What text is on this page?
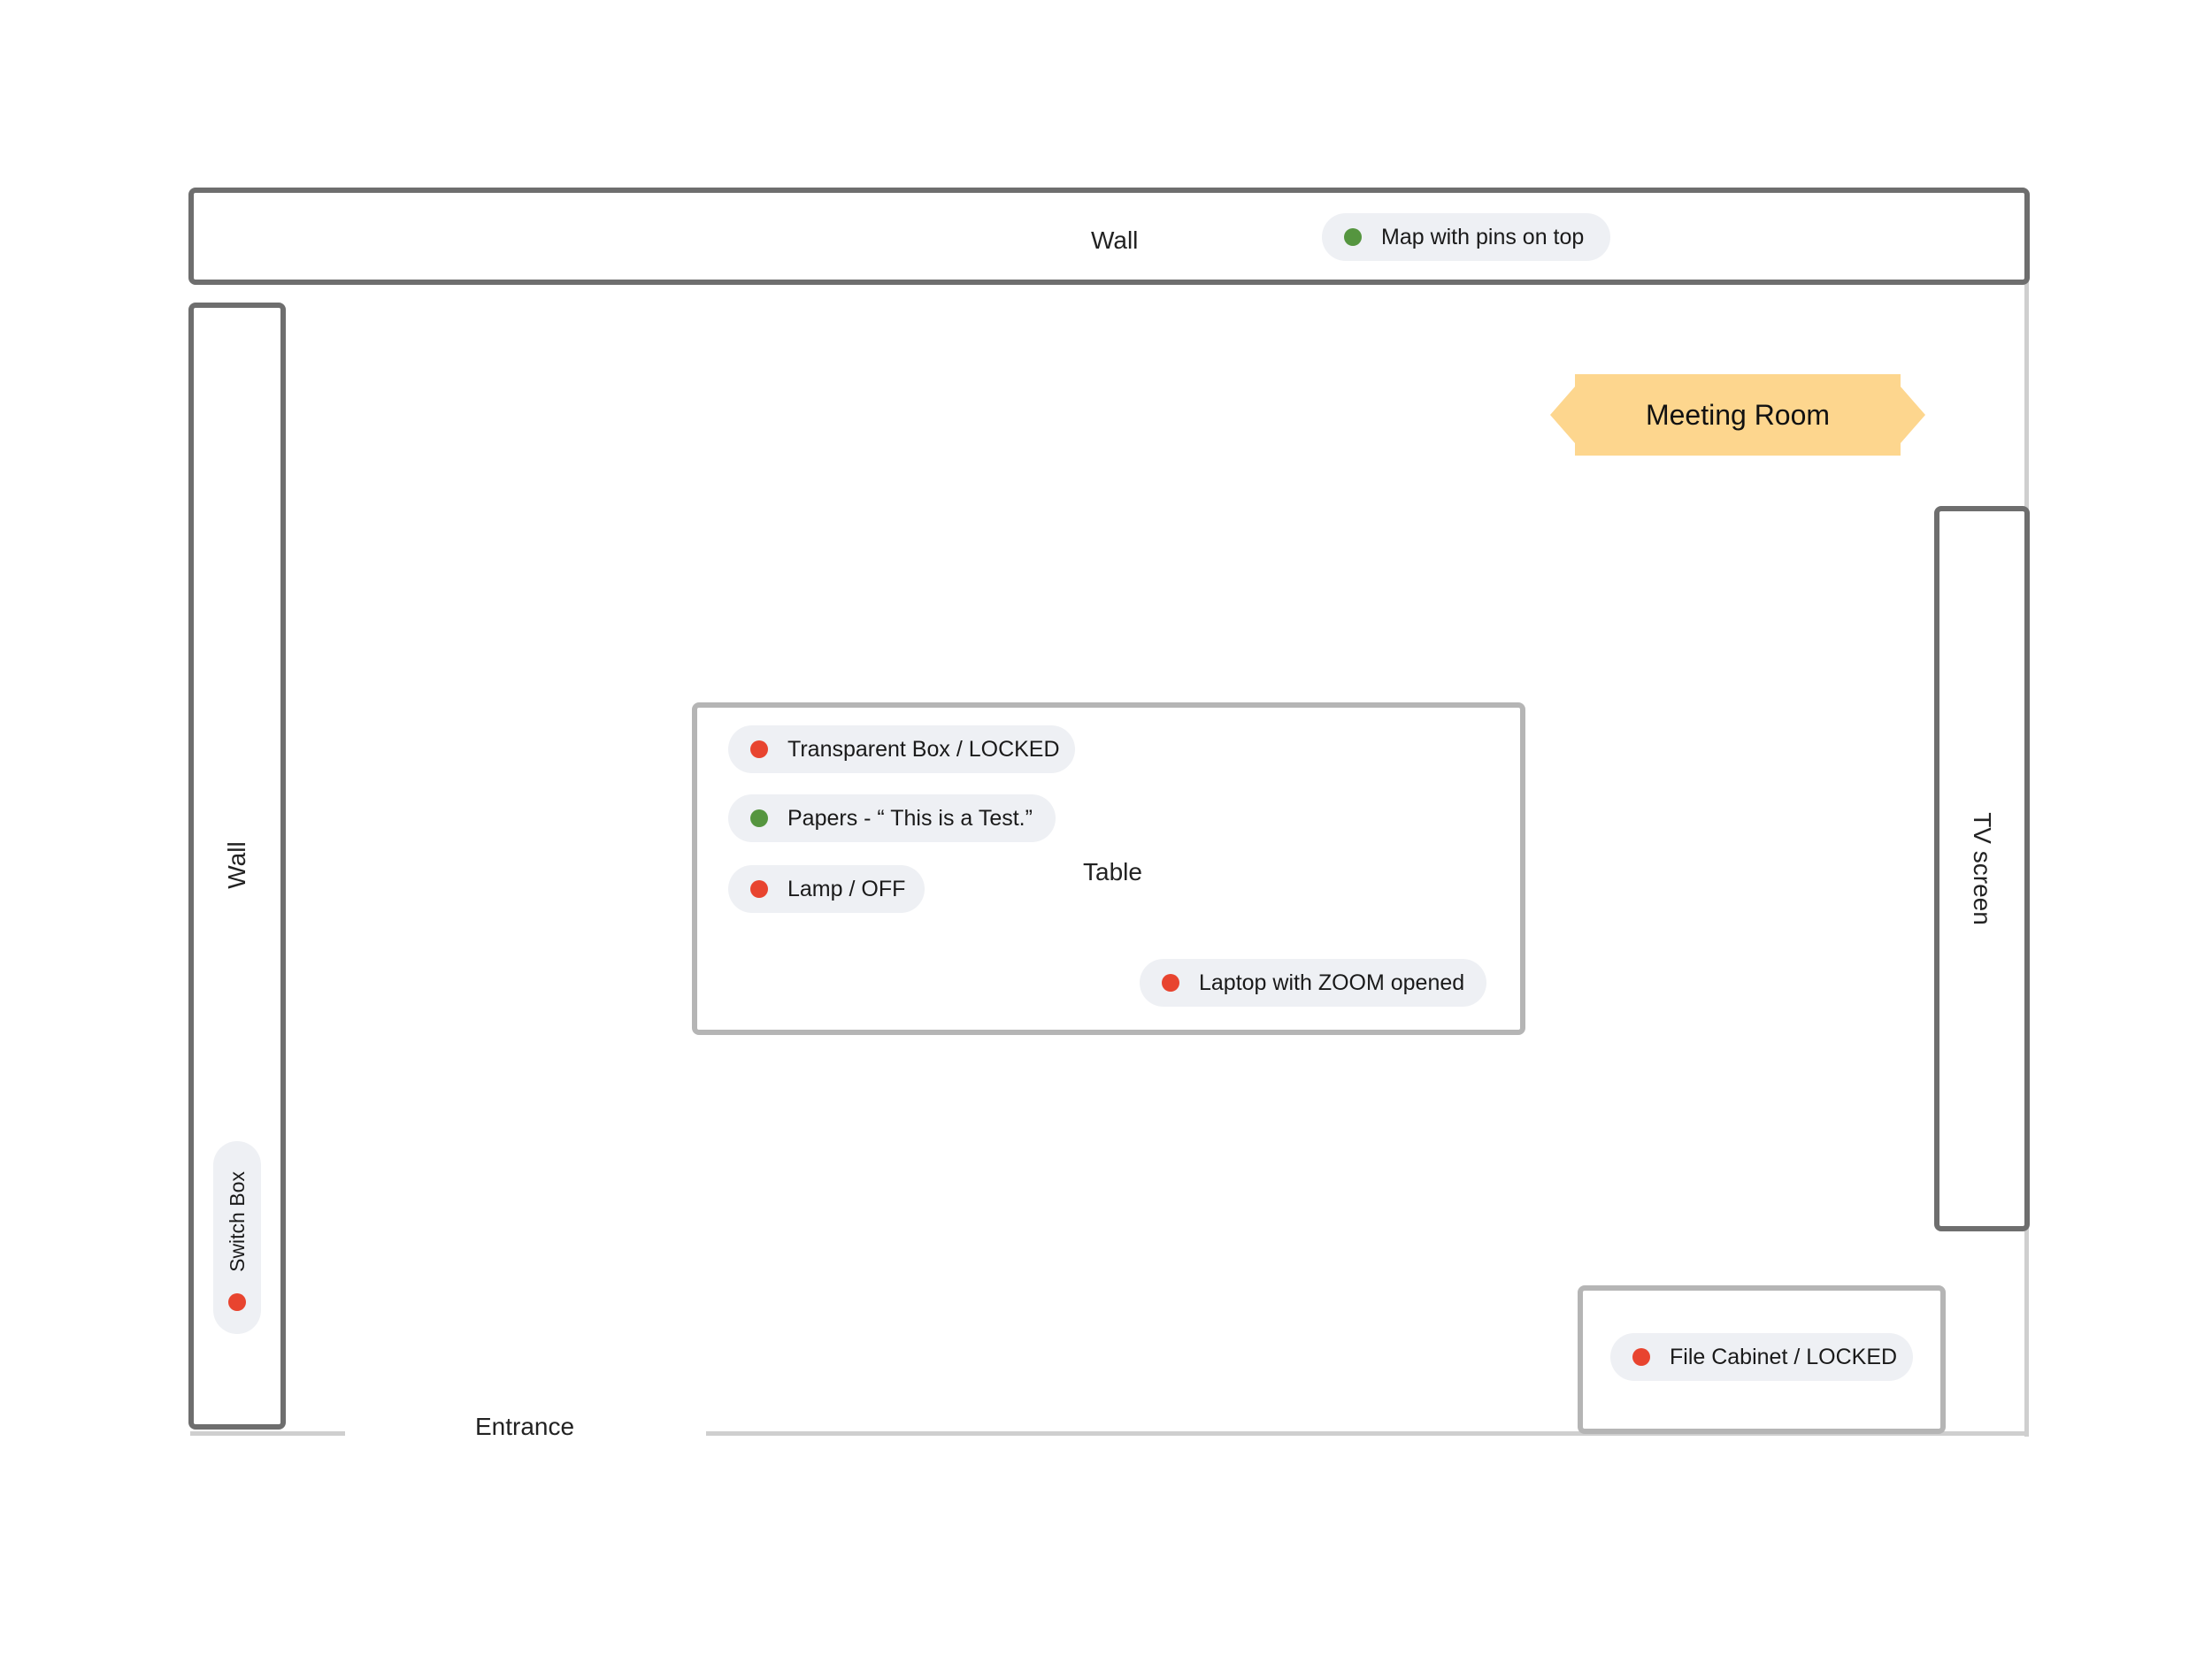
Wall	Map with pins on top
Wall
Switch Box
Meeting Room
TV screen
Table
Transparent Box / LOCKED
Papers - “ This is a Test.”
Lamp / OFF
Laptop with ZOOM opened
File Cabinet / LOCKED
Entrance
